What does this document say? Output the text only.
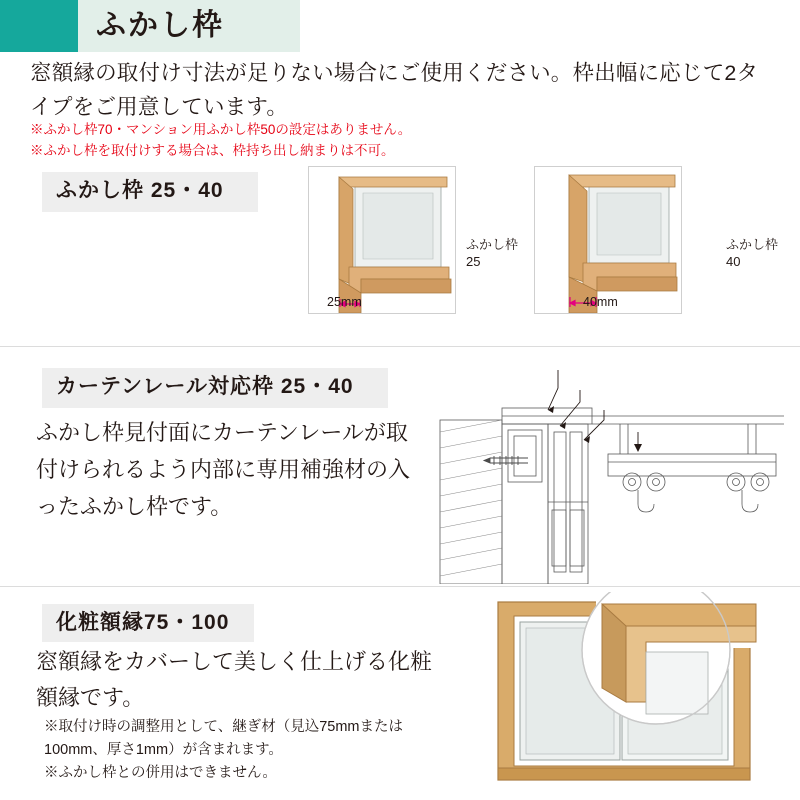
ふかし枠
窓額縁の取付け寸法が足りない場合にご使用ください。枠出幅に応じて2タイプをご用意しています。
※ふかし枠70・マンション用ふかし枠50の設定はありません。
※ふかし枠を取付けする場合は、枠持ち出し納まりは不可。
ふかし枠 25・40
ふかし枠
25
25mm
ふかし枠
40
40mm
カーテンレール対応枠 25・40
ふかし枠見付面にカーテンレールが取付けられるよう内部に専用補強材の入ったふかし枠です。
化粧額縁75・100
窓額縁をカバーして美しく仕上げる化粧額縁です。
※取付け時の調整用として、継ぎ材（見込75mmまたは100mm、厚さ1mm）が含まれます。
※ふかし枠との併用はできません。
